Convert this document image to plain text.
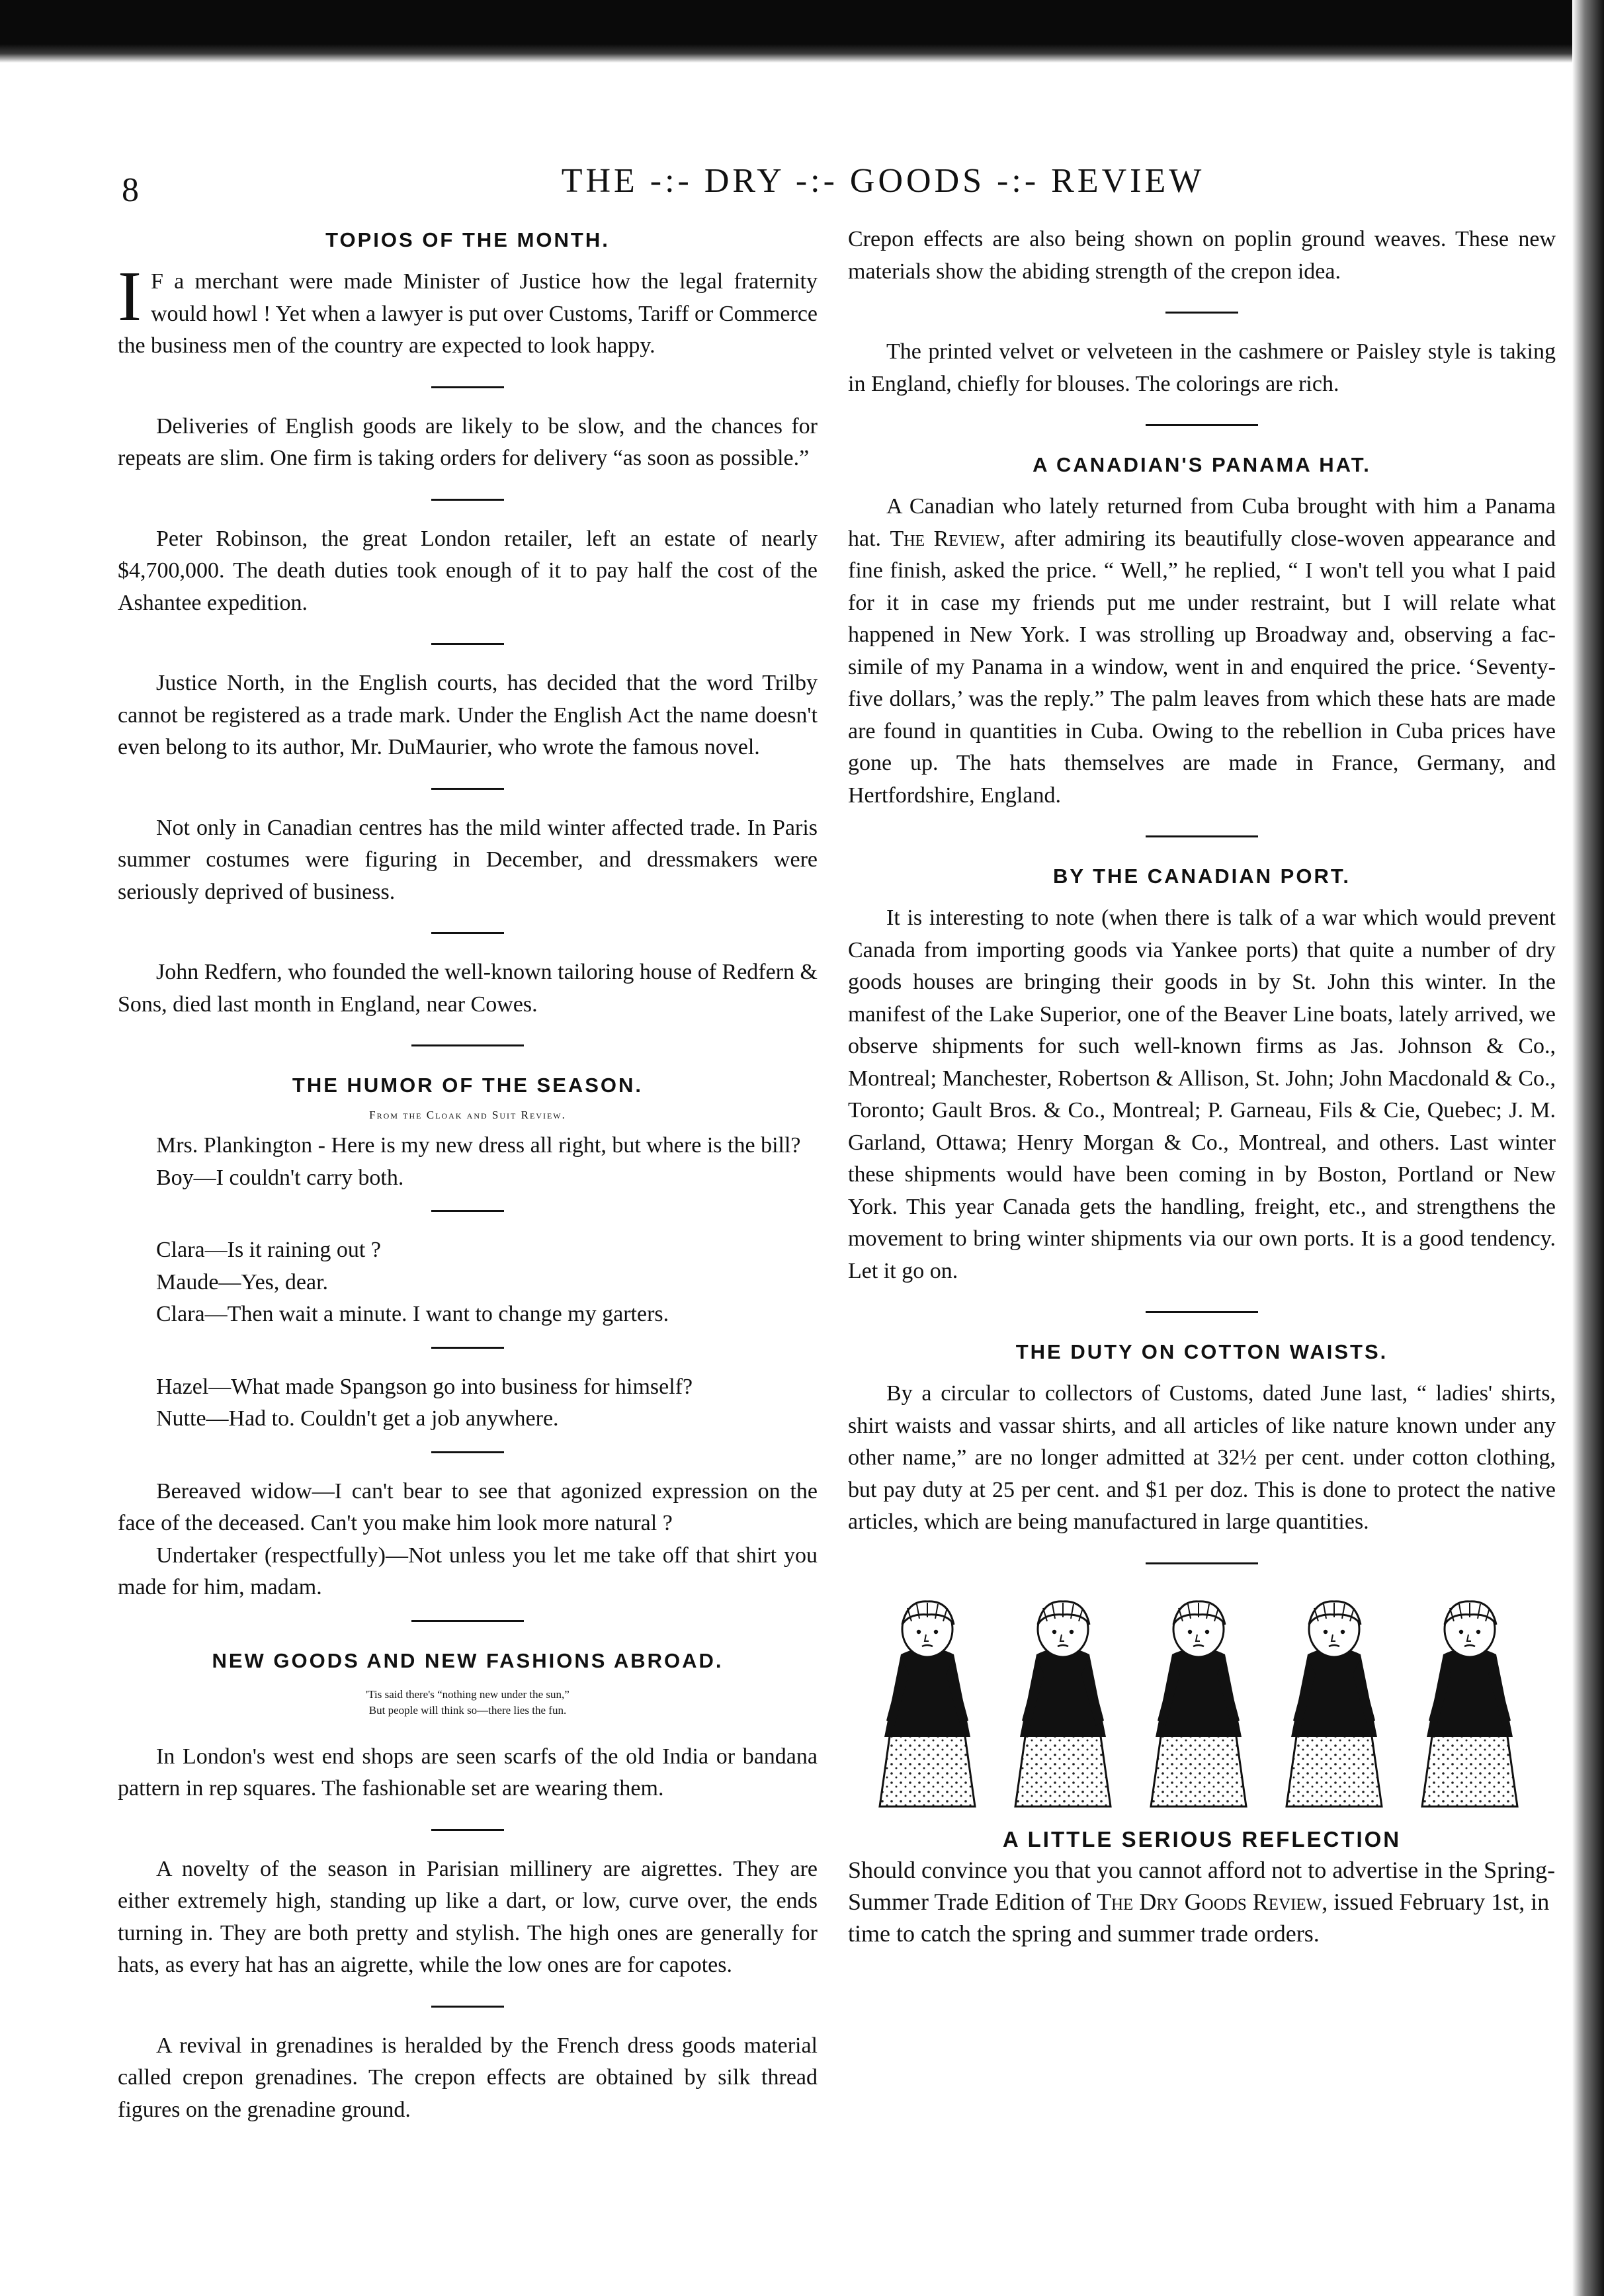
8	THE -:- DRY -:- GOODS -:- REVIEW
TOPIOS OF THE MONTH.

I F a merchant were made Minister of Justice how the legal fraternity would howl ! Yet when a lawyer is put over Customs, Tariff or Commerce the business men of the country are expected to look happy.

Deliveries of English goods are likely to be slow, and the chances for repeats are slim. One firm is taking orders for delivery “as soon as possible.”

Peter Robinson, the great London retailer, left an estate of nearly $4,700,000. The death duties took enough of it to pay half the cost of the Ashantee expedition.

Justice North, in the English courts, has decided that the word Trilby cannot be registered as a trade mark. Under the English Act the name doesn't even belong to its author, Mr. DuMaurier, who wrote the famous novel.

Not only in Canadian centres has the mild winter affected trade. In Paris summer costumes were figuring in December, and dressmakers were seriously deprived of business.

John Redfern, who founded the well-known tailoring house of Redfern & Sons, died last month in England, near Cowes.

THE HUMOR OF THE SEASON.
From the Cloak and Suit Review.

Mrs. Plankington - Here is my new dress all right, but where is the bill?

Boy—I couldn't carry both.

Clara—Is it raining out ?

Maude—Yes, dear.

Clara—Then wait a minute. I want to change my garters.

Hazel—What made Spangson go into business for himself?

Nutte—Had to. Couldn't get a job anywhere.

Bereaved widow—I can't bear to see that agonized expression on the face of the deceased. Can't you make him look more natural ?

Undertaker (respectfully)—Not unless you let me take off that shirt you made for him, madam.

NEW GOODS AND NEW FASHIONS ABROAD.
'Tis said there's “nothing new under the sun,”
But people will think so—there lies the fun.

In London's west end shops are seen scarfs of the old India or bandana pattern in rep squares. The fashionable set are wearing them.

A novelty of the season in Parisian millinery are aigrettes. They are either extremely high, standing up like a dart, or low, curve over, the ends turning in. They are both pretty and stylish. The high ones are generally for hats, as every hat has an aigrette, while the low ones are for capotes.

A revival in grenadines is heralded by the French dress goods material called crepon grenadines. The crepon effects are obtained by silk thread figures on the grenadine ground.

Crepon effects are also being shown on poplin ground weaves. These new materials show the abiding strength of the crepon idea.

The printed velvet or velveteen in the cashmere or Paisley style is taking in England, chiefly for blouses. The colorings are rich.

A CANADIAN'S PANAMA HAT.

A Canadian who lately returned from Cuba brought with him a Panama hat. The Review, after admiring its beautifully close-woven appearance and fine finish, asked the price. “ Well,” he replied, “ I won't tell you what I paid for it in case my friends put me under restraint, but I will relate what happened in New York. I was strolling up Broadway and, observing a fac-simile of my Panama in a window, went in and enquired the price. ‘Seventy-five dollars,’ was the reply.” The palm leaves from which these hats are made are found in quantities in Cuba. Owing to the rebellion in Cuba prices have gone up. The hats themselves are made in France, Germany, and Hertfordshire, England.

BY THE CANADIAN PORT.

It is interesting to note (when there is talk of a war which would prevent Canada from importing goods via Yankee ports) that quite a number of dry goods houses are bringing their goods in by St. John this winter. In the manifest of the Lake Superior, one of the Beaver Line boats, lately arrived, we observe shipments for such well-known firms as Jas. Johnson & Co., Montreal; Manchester, Robertson & Allison, St. John; John Macdonald & Co., Toronto; Gault Bros. & Co., Montreal; P. Garneau, Fils & Cie, Quebec; J. M. Garland, Ottawa; Henry Morgan & Co., Montreal, and others. Last winter these shipments would have been coming in by Boston, Portland or New York. This year Canada gets the handling, freight, etc., and strengthens the movement to bring winter shipments via our own ports. It is a good tendency. Let it go on.

THE DUTY ON COTTON WAISTS.

By a circular to collectors of Customs, dated June last, “ ladies' shirts, shirt waists and vassar shirts, and all articles of like nature known under any other name,” are no longer admitted at 32½ per cent. under cotton clothing, but pay duty at 25 per cent. and $1 per doz. This is done to protect the native articles, which are being manufactured in large quantities.

A LITTLE SERIOUS REFLECTION

Should convince you that you cannot afford not to advertise in the Spring-Summer Trade Edition of The Dry Goods Review, issued February 1st, in time to catch the spring and summer trade orders.
